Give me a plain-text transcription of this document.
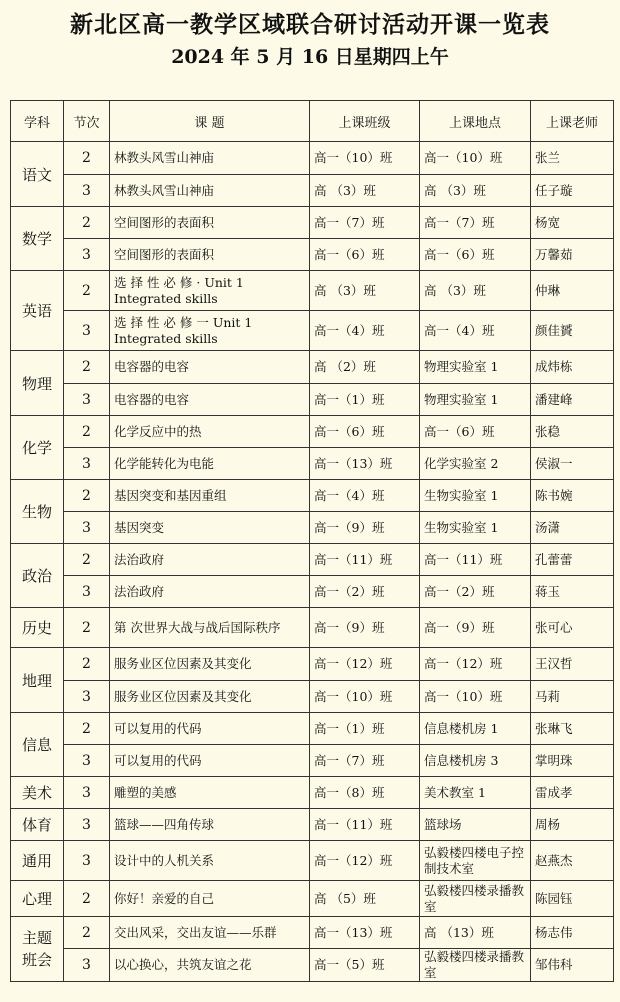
新北区高一教学区域联合研讨活动开课一览表
2024 年 5 月 16 日星期四上午
学科	节次	课 题	上课班级	上课地点	上课老师
语文	2	林教头风雪山神庙	高一（10）班	高一（10）班	张兰
	3	林教头风雪山神庙	高 （3）班	高 （3）班	任子璇
数学	2	空间图形的表面积	高一（7）班	高一（7）班	杨宽
	3	空间图形的表面积	高一（6）班	高一（6）班	万馨茹
英语	2	选 择 性 必 修 · Unit 1 Integrated skills	高 （3）班	高 （3）班	仲琳
	3	选 择 性 必 修 一 Unit 1 Integrated skills	高一（4）班	高一（4）班	颜佳贇
物理	2	电容器的电容	高 （2）班	物理实验室 1	成炜栋
	3	电容器的电容	高一（1）班	物理实验室 1	潘建峰
化学	2	化学反应中的热	高一（6）班	高一（6）班	张稳
	3	化学能转化为电能	高一（13）班	化学实验室 2	侯淑一
生物	2	基因突变和基因重组	高一（4）班	生物实验室 1	陈书婉
	3	基因突变	高一（9）班	生物实验室 1	汤潇
政治	2	法治政府	高一（11）班	高一（11）班	孔蕾蕾
	3	法治政府	高一（2）班	高一（2）班	蒋玉
历史	2	第 次世界大战与战后国际秩序	高一（9）班	高一（9）班	张可心
地理	2	服务业区位因素及其变化	高一（12）班	高一（12）班	王汉哲
	3	服务业区位因素及其变化	高一（10）班	高一（10）班	马莉
信息	2	可以复用的代码	高一（1）班	信息楼机房 1	张琳飞
	3	可以复用的代码	高一（7）班	信息楼机房 3	掌明珠
美术	3	雕塑的美感	高一（8）班	美术教室 1	雷成孝
体育	3	篮球——四角传球	高一（11）班	篮球场	周杨
通用	3	设计中的人机关系	高一（12）班	弘毅楼四楼电子控制技术室	赵燕杰
心理	2	你好！亲爱的自己	高 （5）班	弘毅楼四楼录播教室	陈园钰
主题班会	2	交出风采，交出友谊——乐群	高一（13）班	高 （13）班	杨志伟
	3	以心换心，共筑友谊之花	高一（5）班	弘毅楼四楼录播教室	邹伟科
